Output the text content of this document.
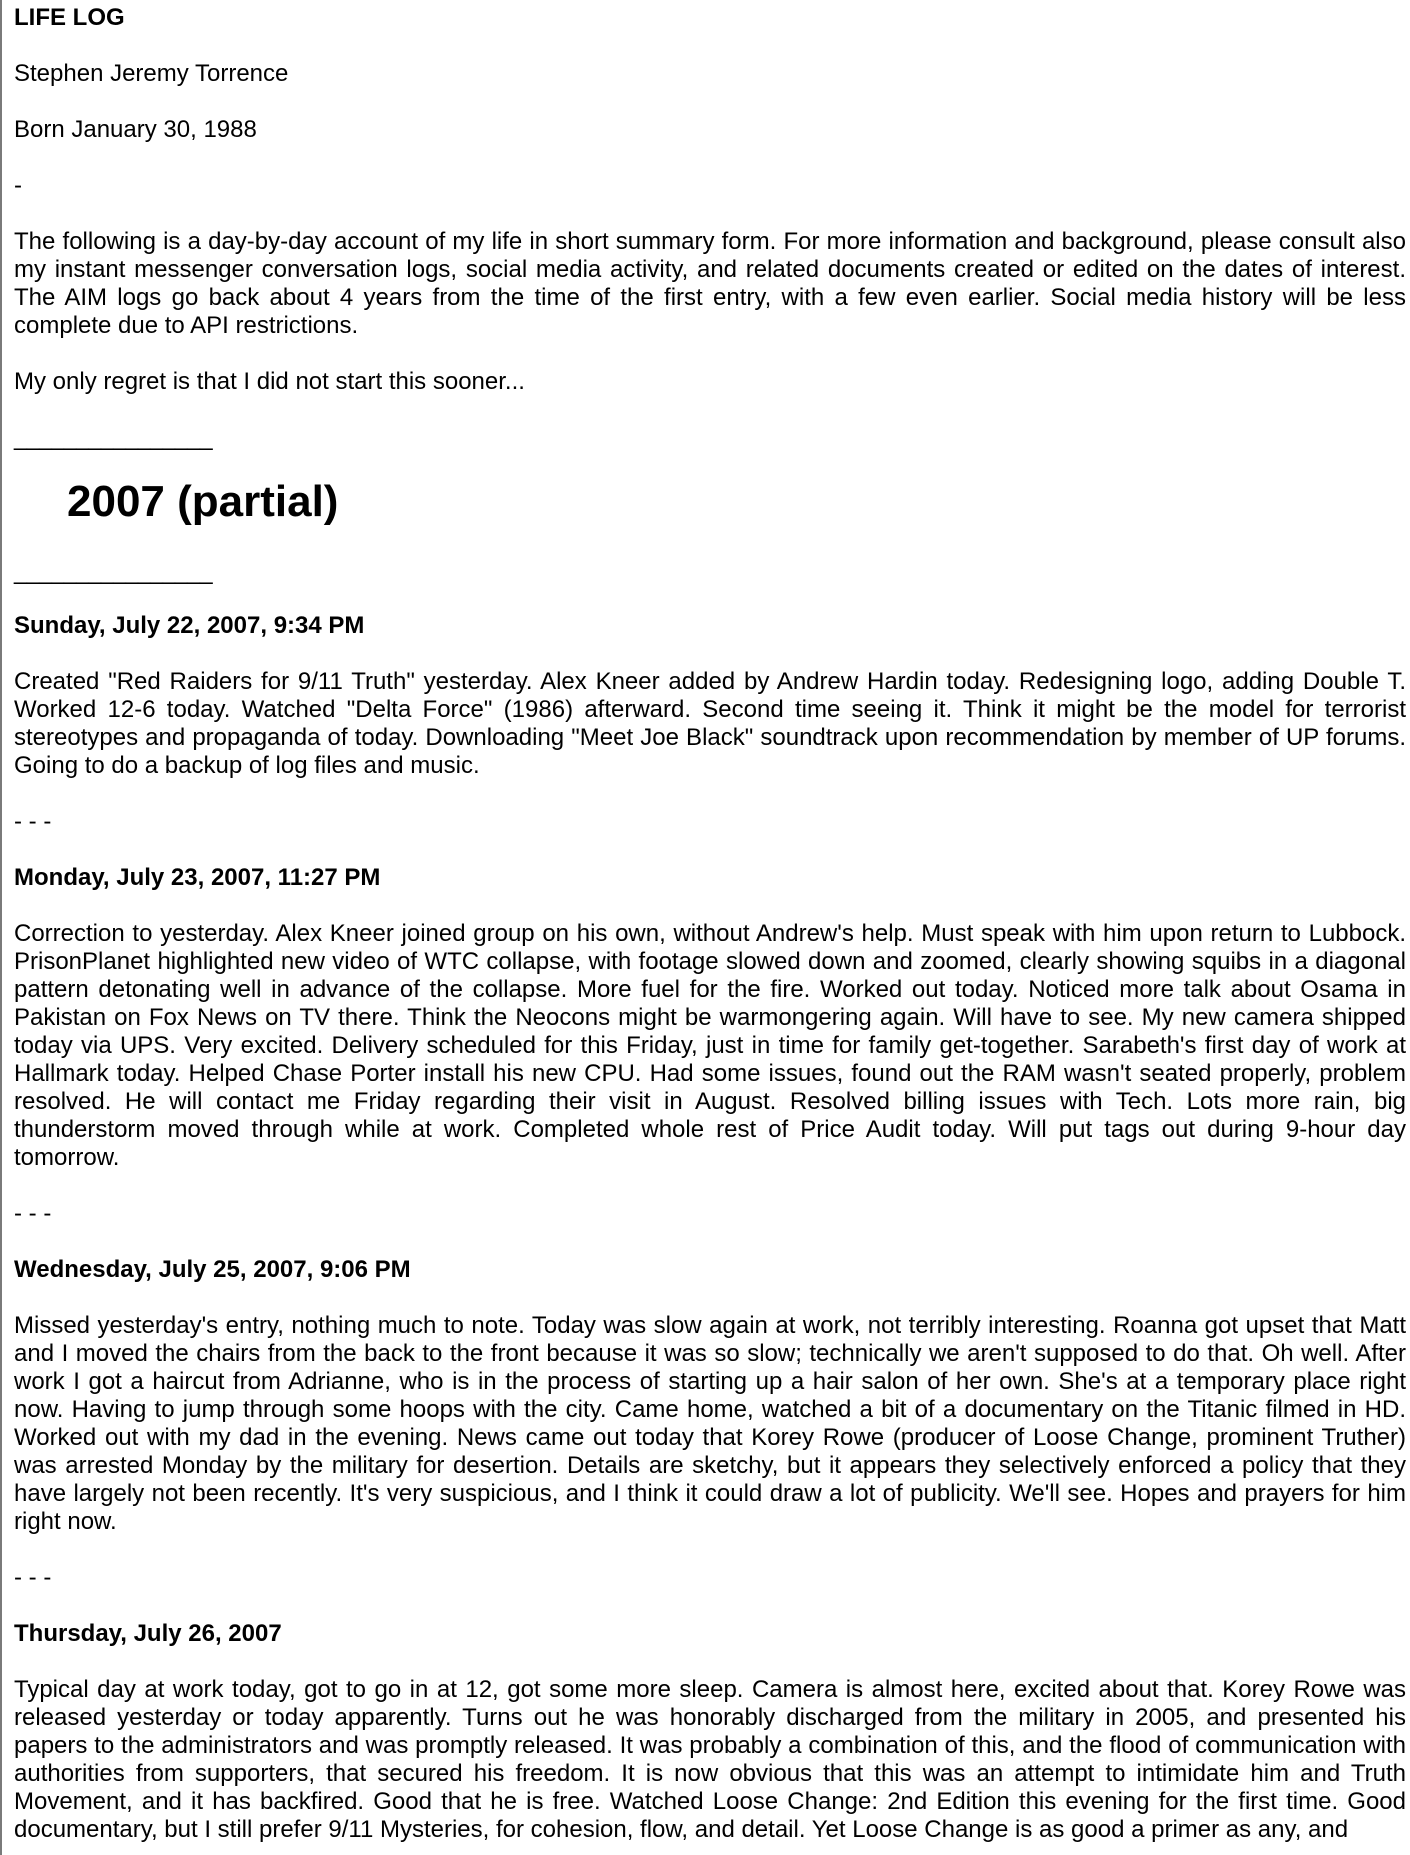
LIFE LOG
Stephen Jeremy Torrence
Born January 30, 1988
-
The following is a day-by-day account of my life in short summary form. For more information and background, please consult also my instant messenger conversation logs, social media activity, and related documents created or edited on the dates of interest. The AIM logs go back about 4 years from the time of the first entry, with a few even earlier. Social media history will be less complete due to API restrictions.
My only regret is that I did not start this sooner...
________________
2007 (partial)
________________
Sunday, July 22, 2007, 9:34 PM
Created "Red Raiders for 9/11 Truth" yesterday. Alex Kneer added by Andrew Hardin today. Redesigning logo, adding Double T. Worked 12-6 today. Watched "Delta Force" (1986) afterward. Second time seeing it. Think it might be the model for terrorist stereotypes and propaganda of today. Downloading "Meet Joe Black" soundtrack upon recommendation by member of UP forums. Going to do a backup of log files and music.
- - -
Monday, July 23, 2007, 11:27 PM
Correction to yesterday. Alex Kneer joined group on his own, without Andrew's help. Must speak with him upon return to Lubbock. PrisonPlanet highlighted new video of WTC collapse, with footage slowed down and zoomed, clearly showing squibs in a diagonal pattern detonating well in advance of the collapse. More fuel for the fire. Worked out today. Noticed more talk about Osama in Pakistan on Fox News on TV there. Think the Neocons might be warmongering again. Will have to see. My new camera shipped today via UPS. Very excited. Delivery scheduled for this Friday, just in time for family get-together. Sarabeth's first day of work at Hallmark today. Helped Chase Porter install his new CPU. Had some issues, found out the RAM wasn't seated properly, problem resolved. He will contact me Friday regarding their visit in August. Resolved billing issues with Tech. Lots more rain, big thunderstorm moved through while at work. Completed whole rest of Price Audit today. Will put tags out during 9-hour day tomorrow.
- - -
Wednesday, July 25, 2007, 9:06 PM
Missed yesterday's entry, nothing much to note. Today was slow again at work, not terribly interesting. Roanna got upset that Matt and I moved the chairs from the back to the front because it was so slow; technically we aren't supposed to do that. Oh well. After work I got a haircut from Adrianne, who is in the process of starting up a hair salon of her own. She's at a temporary place right now. Having to jump through some hoops with the city. Came home, watched a bit of a documentary on the Titanic filmed in HD. Worked out with my dad in the evening. News came out today that Korey Rowe (producer of Loose Change, prominent Truther) was arrested Monday by the military for desertion. Details are sketchy, but it appears they selectively enforced a policy that they have largely not been recently. It's very suspicious, and I think it could draw a lot of publicity. We'll see. Hopes and prayers for him right now.
- - -
Thursday, July 26, 2007
Typical day at work today, got to go in at 12, got some more sleep. Camera is almost here, excited about that. Korey Rowe was released yesterday or today apparently. Turns out he was honorably discharged from the military in 2005, and presented his papers to the administrators and was promptly released. It was probably a combination of this, and the flood of communication with authorities from supporters, that secured his freedom. It is now obvious that this was an attempt to intimidate him and Truth Movement, and it has backfired. Good that he is free. Watched Loose Change: 2nd Edition this evening for the first time. Good documentary, but I still prefer 9/11 Mysteries, for cohesion, flow, and detail. Yet Loose Change is as good a primer as any, and
